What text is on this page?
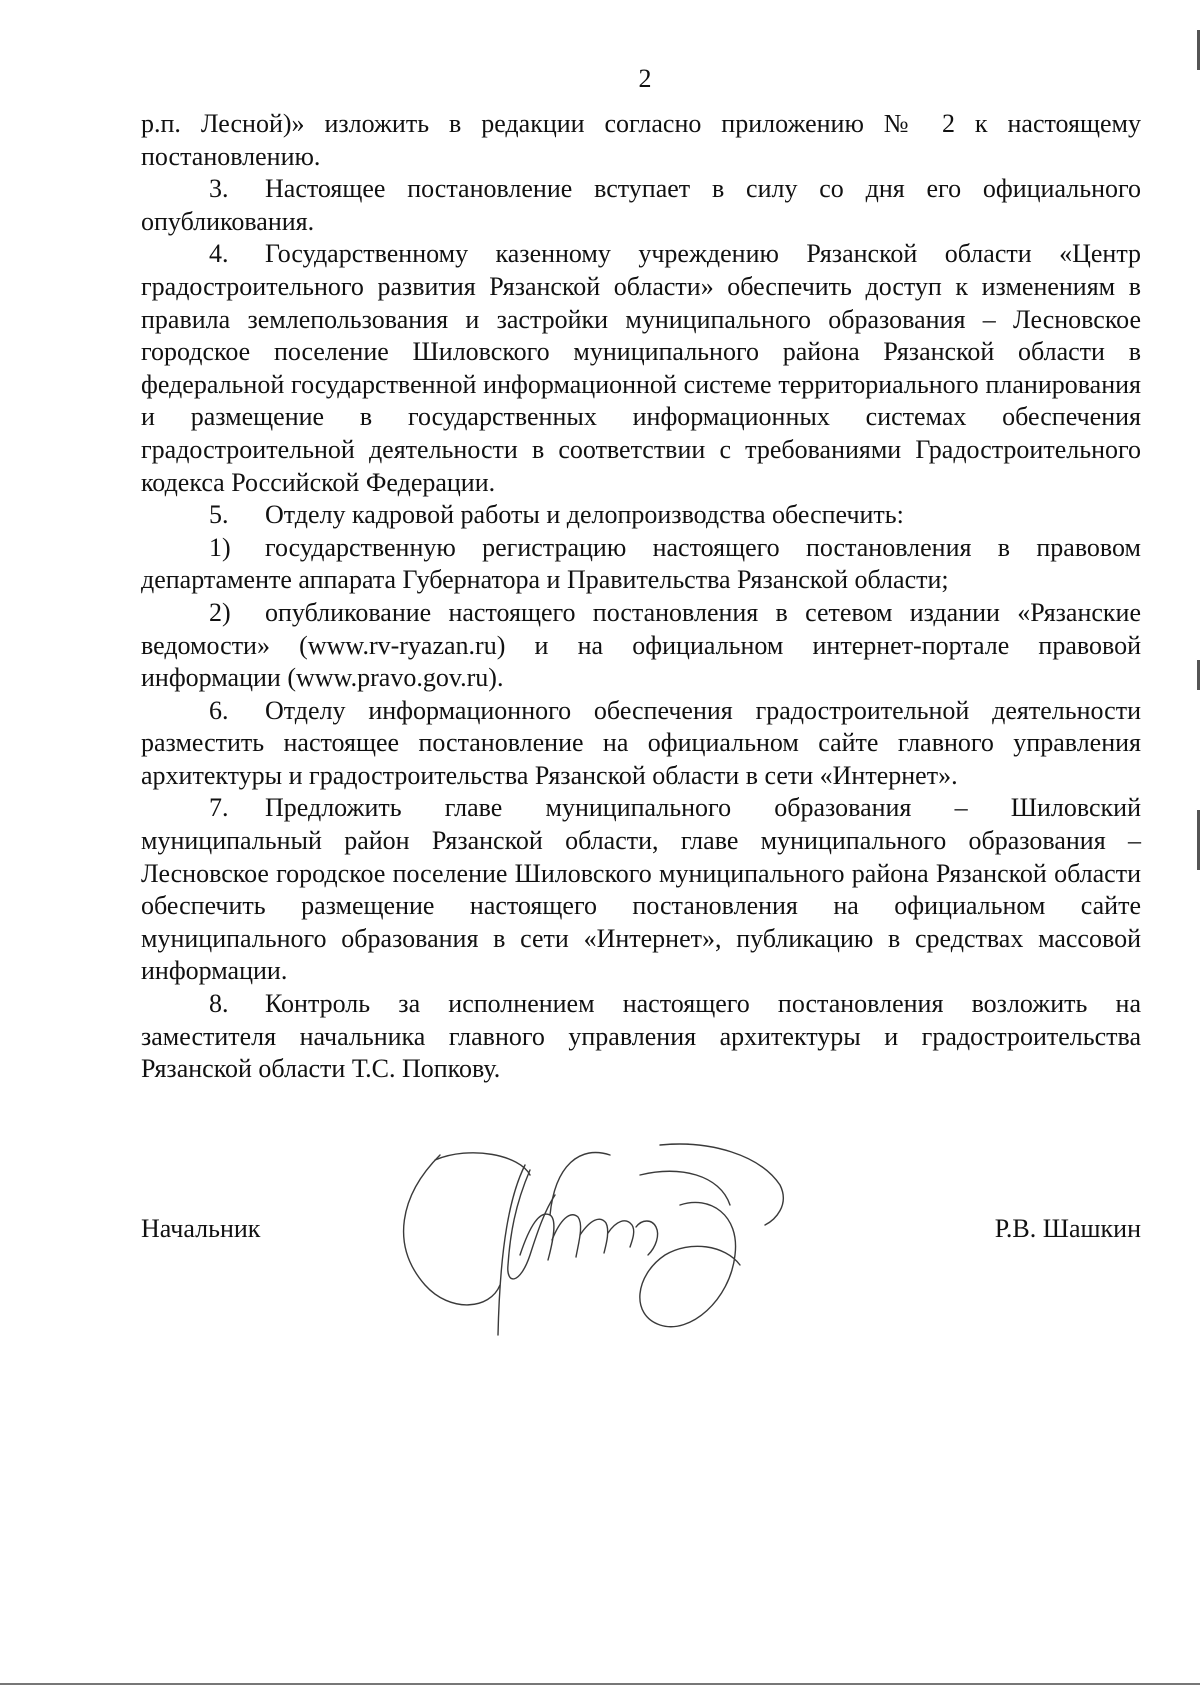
2

р.п. Лесной)» изложить в редакции согласно приложению № 2 к настоящему постановлению.

3. Настоящее постановление вступает в силу со дня его официального опубликования.

4. Государственному казенному учреждению Рязанской области «Центр градостроительного развития Рязанской области» обеспечить доступ к изменениям в правила землепользования и застройки муниципального образования – Лесновское городское поселение Шиловского муниципального района Рязанской области в федеральной государственной информационной системе территориального планирования и размещение в государственных информационных системах обеспечения градостроительной деятельности в соответствии с требованиями Градостроительного кодекса Российской Федерации.

5. Отделу кадровой работы и делопроизводства обеспечить:

1) государственную регистрацию настоящего постановления в правовом департаменте аппарата Губернатора и Правительства Рязанской области;

2) опубликование настоящего постановления в сетевом издании «Рязанские ведомости» (www.rv-ryazan.ru) и на официальном интернет-портале правовой информации (www.pravo.gov.ru).

6. Отделу информационного обеспечения градостроительной деятельности разместить настоящее постановление на официальном сайте главного управления архитектуры и градостроительства Рязанской области в сети «Интернет».

7. Предложить главе муниципального образования – Шиловский муниципальный район Рязанской области, главе муниципального образования – Лесновское городское поселение Шиловского муниципального района Рязанской области обеспечить размещение настоящего постановления на официальном сайте муниципального образования в сети «Интернет», публикацию в средствах массовой информации.

8. Контроль за исполнением настоящего постановления возложить на заместителя начальника главного управления архитектуры и градостроительства Рязанской области Т.С. Попкову.

Начальник	Р.В. Шашкин
